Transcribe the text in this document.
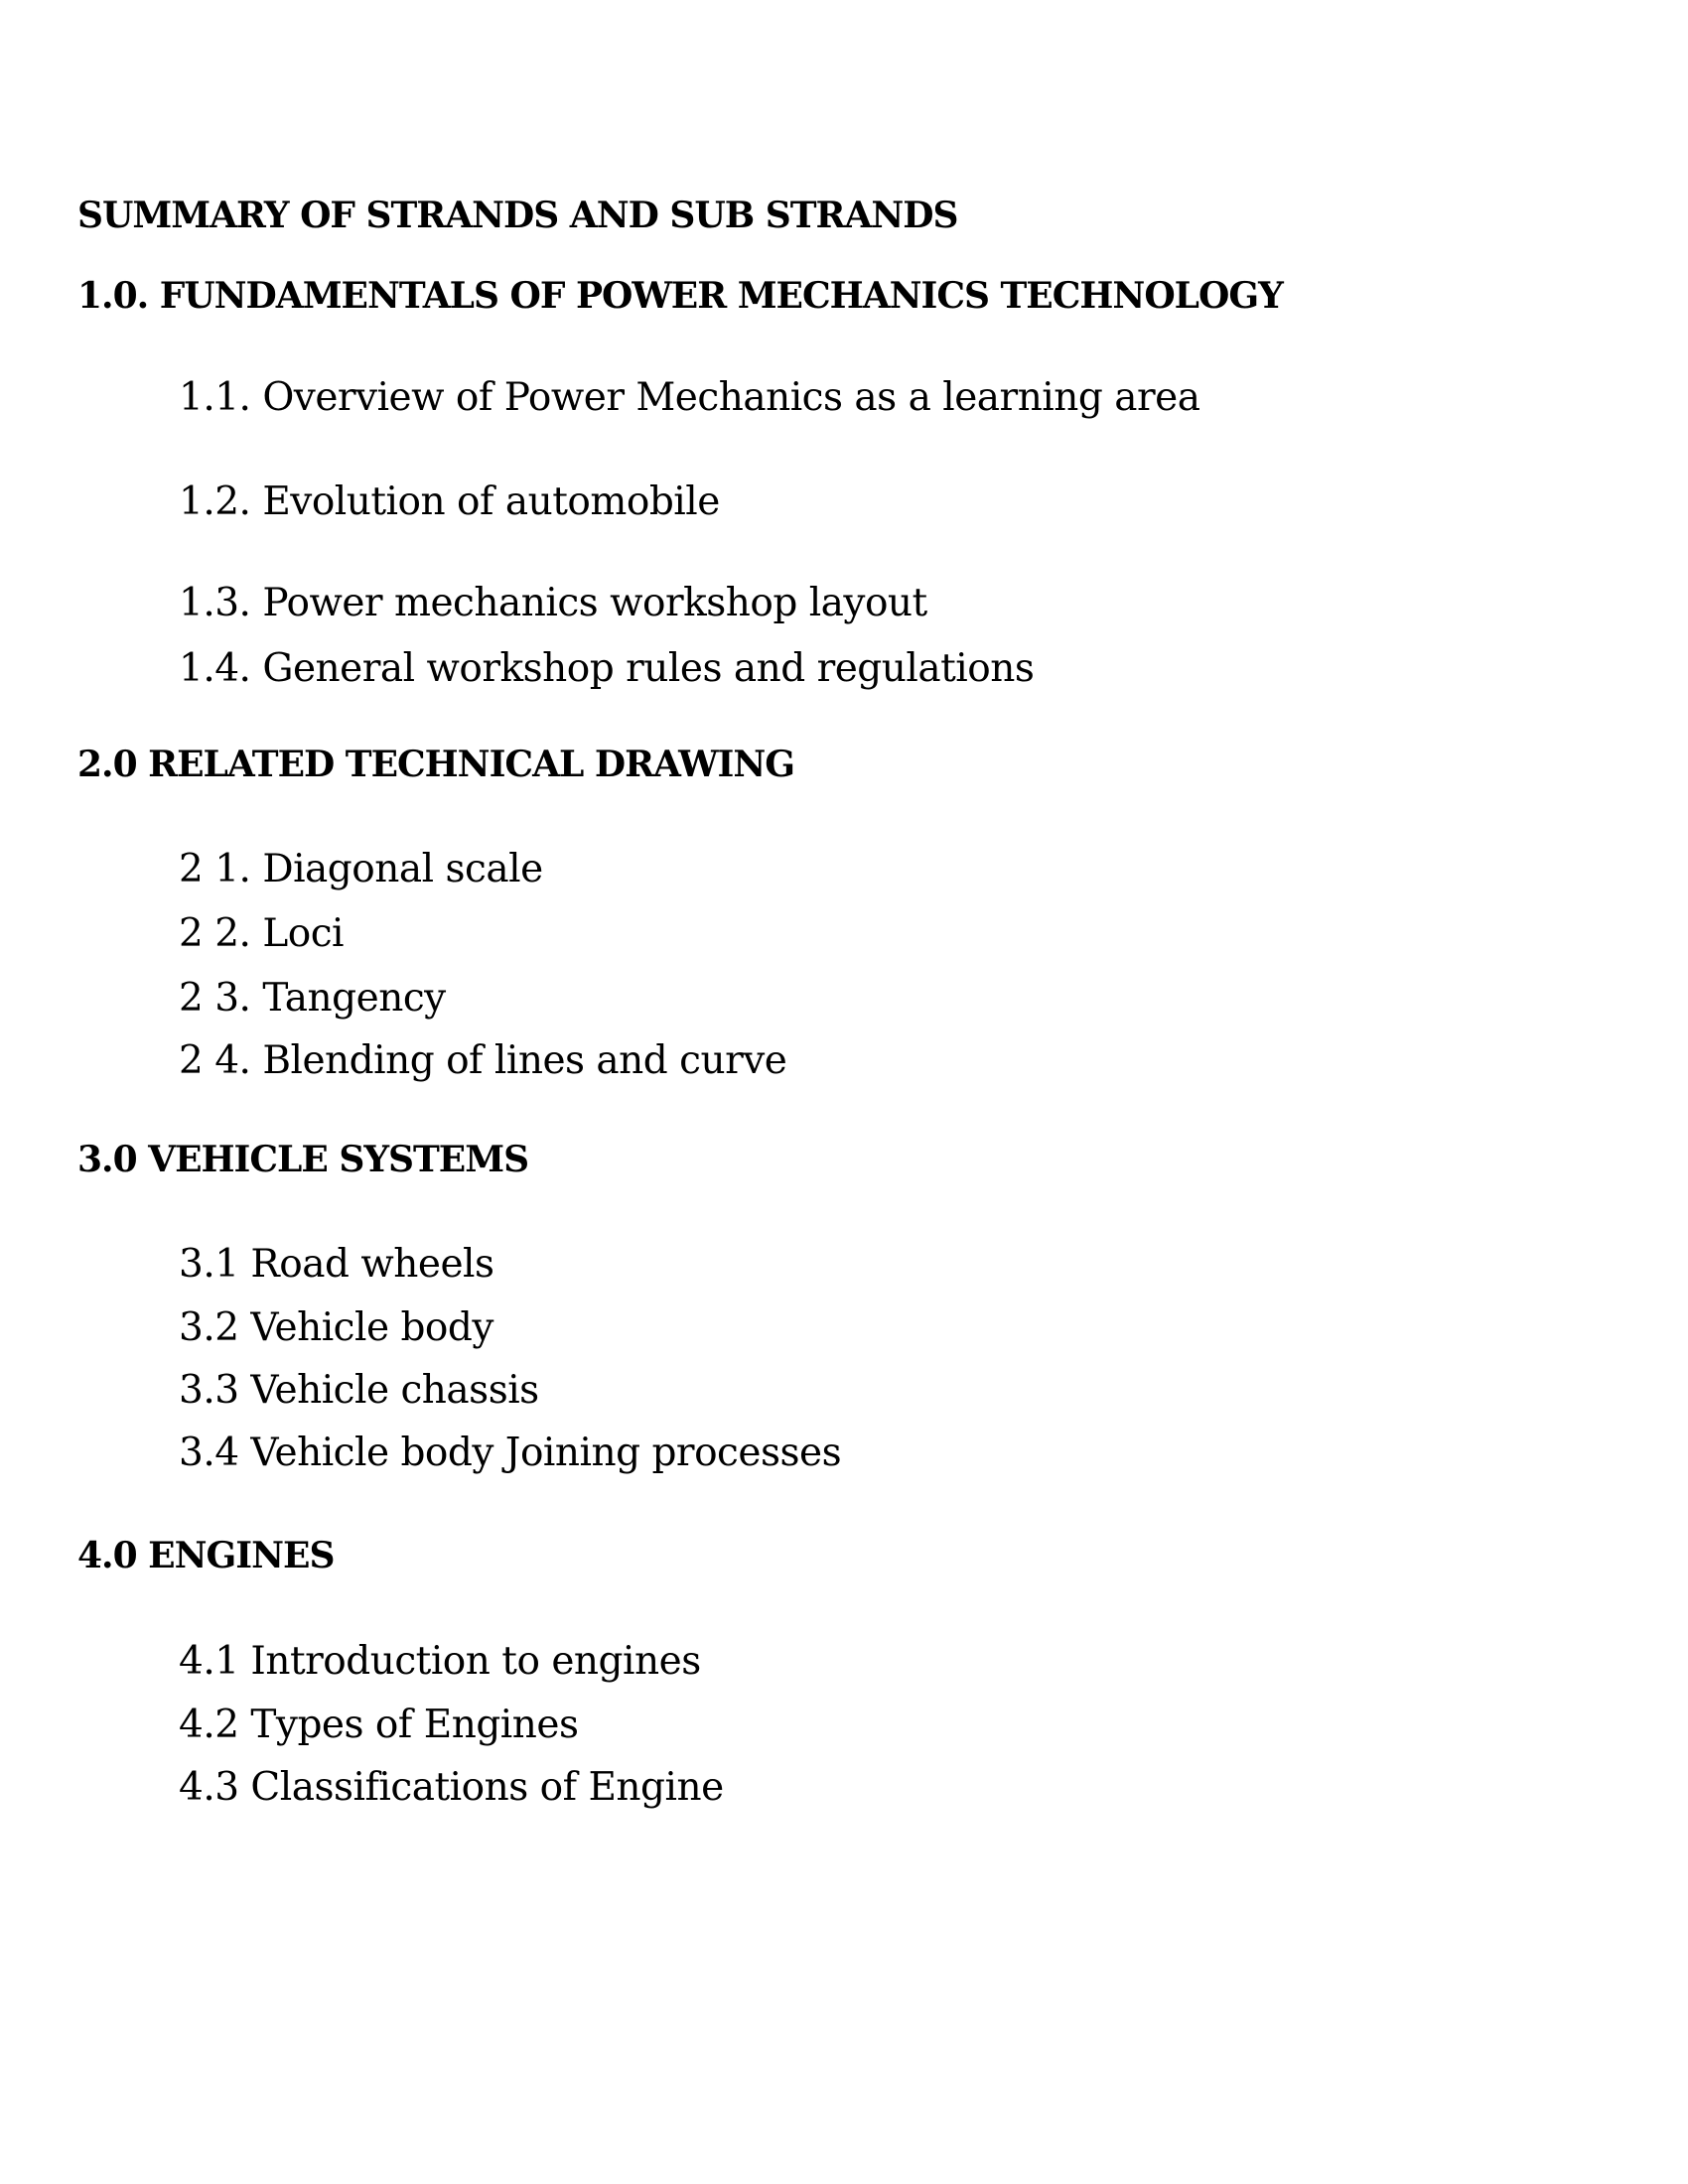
SUMMARY OF STRANDS AND SUB STRANDS
1.0. FUNDAMENTALS OF POWER MECHANICS TECHNOLOGY
1.1. Overview of Power Mechanics as a learning area
1.2. Evolution of automobile
1.3. Power mechanics workshop layout
1.4. General workshop rules and regulations
2.0 RELATED TECHNICAL DRAWING
2 1. Diagonal scale
2 2. Loci
2 3. Tangency
2 4. Blending of lines and curve
3.0 VEHICLE SYSTEMS
3.1 Road wheels
3.2 Vehicle body
3.3 Vehicle chassis
3.4 Vehicle body Joining processes
4.0 ENGINES
4.1 Introduction to engines
4.2 Types of Engines
4.3 Classifications of Engine
